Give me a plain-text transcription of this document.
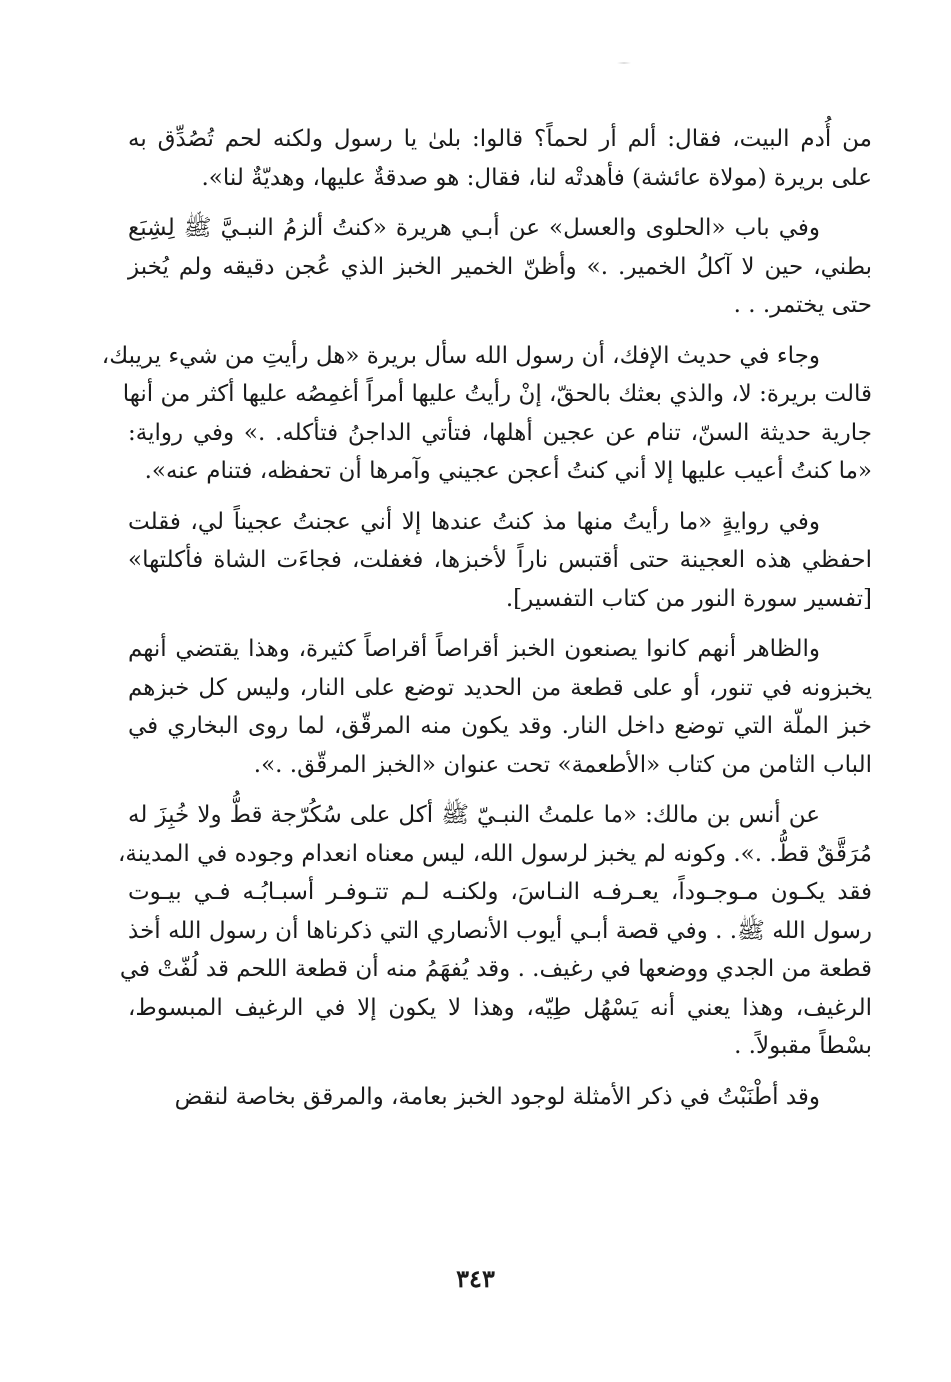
من أُدم البيت، فقال: ألم أر لحماً؟ قالوا: بلىٰ يا رسول ولكنه لحم تُصُدِّق به
على بريرة (مولاة عائشة) فأهدتْه لنا، فقال: هو صدقةٌ عليها، وهديّةٌ لنا».
وفي باب «الحلوى والعسل» عن أبـي هريرة «كنتُ ألزمُ النبـيَّ ﷺ لِشِبَع
بطني، حين لا آكلُ الخمير. .» وأظنّ الخمير الخبز الذي عُجن دقيقه ولم يُخبز
حتى يختمر. . .
وجاء في حديث الإفك، أن رسول الله سأل بريرة «هل رأيتِ من شيء يريبك،
قالت بريرة: لا، والذي بعثك بالحقّ، إنْ رأيتُ عليها أمراً أغمِصُه عليها أكثر من أنها
جارية حديثة السنّ، تنام عن عجين أهلها، فتأتي الداجنُ فتأكله. .» وفي رواية:
«ما كنتُ أعيب عليها إلا أني كنتُ أعجن عجيني وآمرها أن تحفظه، فتنام عنه».
وفي روايةٍ «ما رأيتُ منها مذ كنتُ عندها إلا أني عجنتُ عجيناً لي، فقلت
احفظي هذه العجينة حتى أقتبس ناراً لأخبزها، فغفلت، فجاءَت الشاة فأكلتها»
[تفسير سورة النور من كتاب التفسير].
والظاهر أنهم كانوا يصنعون الخبز أقراصاً أقراصاً كثيرة، وهذا يقتضي أنهم
يخبزونه في تنور، أو على قطعة من الحديد توضع على النار، وليس كل خبزهم
خبز الملّة التي توضع داخل النار. وقد يكون منه المرقّق، لما روى البخاري في
الباب الثامن من كتاب «الأطعمة» تحت عنوان «الخبز المرقّق. .».
عن أنس بن مالك: «ما علمتُ النبـيّ ﷺ أكل على سُكُرّجة قطُّ ولا خُبِزَ له
مُرَقَّقٌ قطُّ. .». وكونه لم يخبز لرسول الله، ليس معناه انعدام وجوده في المدينة،
فقد يكـون مـوجـوداً، يعـرفـه النـاسَ، ولكنـه لـم تتـوفـر أسبـابُـه فـي بيـوت
رسول الله ﷺ. . وفي قصة أبـي أيوب الأنصاري التي ذكرناها أن رسول الله أخذ
قطعة من الجدي ووضعها في رغيف. . وقد يُفهَمُ منه أن قطعة اللحم قد لُفّتْ في
الرغيف، وهذا يعني أنه يَسْهُل طِيّه، وهذا لا يكون إلا في الرغيف المبسوط،
بسْطاً مقبولاً. .
وقد أطْنَبْتُ في ذكر الأمثلة لوجود الخبز بعامة، والمرقق بخاصة لنقض
٣٤٣
